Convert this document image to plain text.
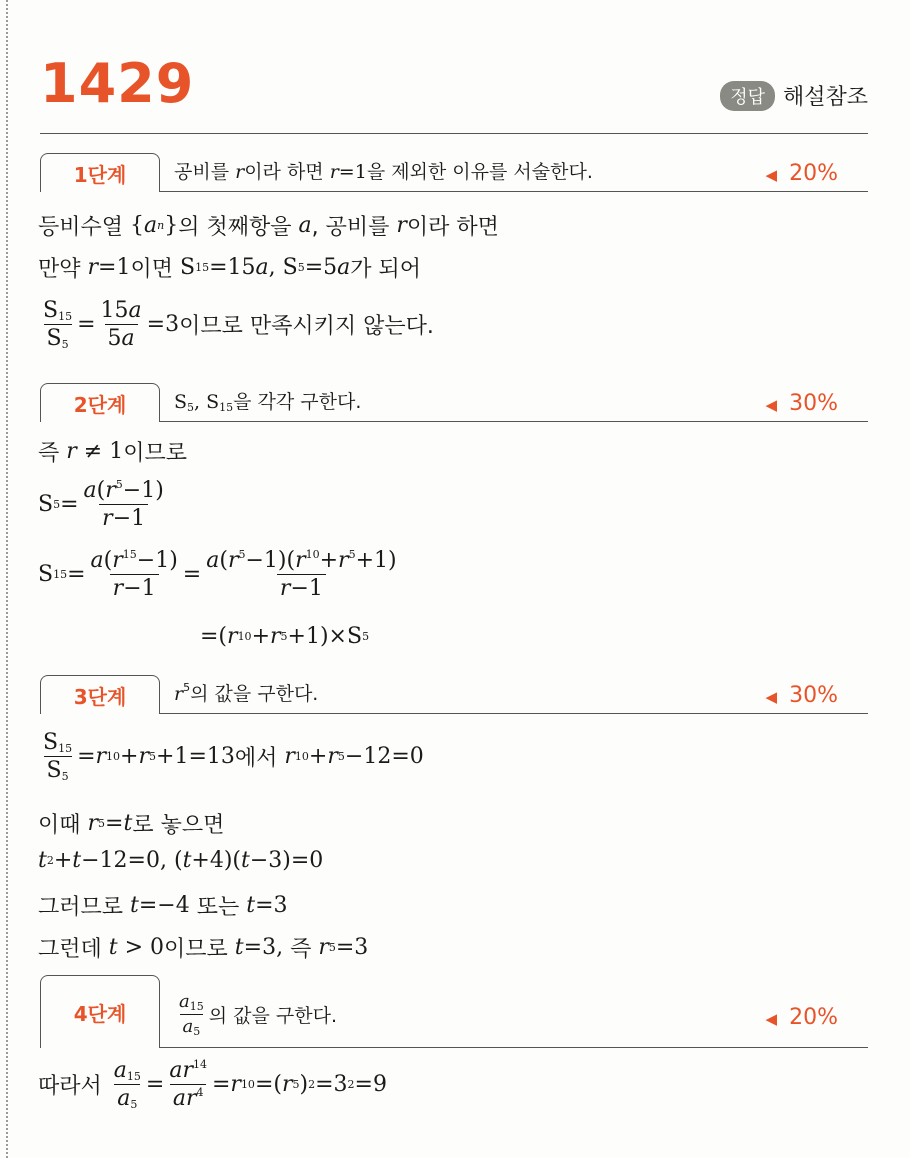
1429	정답 해설참조
1단계	공비를 r이라 하면 r=1을 제외한 이유를 서술한다.	◀ 20%
등비수열 { a n } 의 첫째항을
a , 공비를
r 이라 하면
만약
r =1 이면 S 15 =15 a , S 5 =5 a 가 되어
$\frac{S_{15}}{S_5} = \frac{15a}{5a} =3$ 이므로 만족시키지 않는다.
2단계	$S_5$, $S_{15}$을 각각 구한다.	◀ 30%
즉
r ≠ 1 이므로
S $5 = \frac{a(r^5-1)}{r-1}$
S $15 = \frac{a(r^{15}-1)}{r-1} = \frac{a(r^5-1)(r^{10}+r^5+1)}{r-1}$
=( r 10 + r 5 +1)×S 5
3단계	$r^5$의 값을 구한다.	◀ 30%
$\frac{S_{15}}{S_5} = r$ 10 + r 5 +1=13 에서
r 10 + r 5 −12=0
이때
r 5 = t 로 놓으면
t 2 + t −12=0, ( t +4)( t −3)=0
그러므로
t =−4 또는
t =3
그런데
t > 0 이므로
t =3, 즉
r 5 =3
4단계	$\frac{a_{15}}{a_5}$ 의 값을 구한다.	◀ 20%
따라서
$\frac{a_{15}}{a_5} = \frac{ar^{14}}{ar^4} = r$ 10 =( r 5 ) 2 =3 2 =9
